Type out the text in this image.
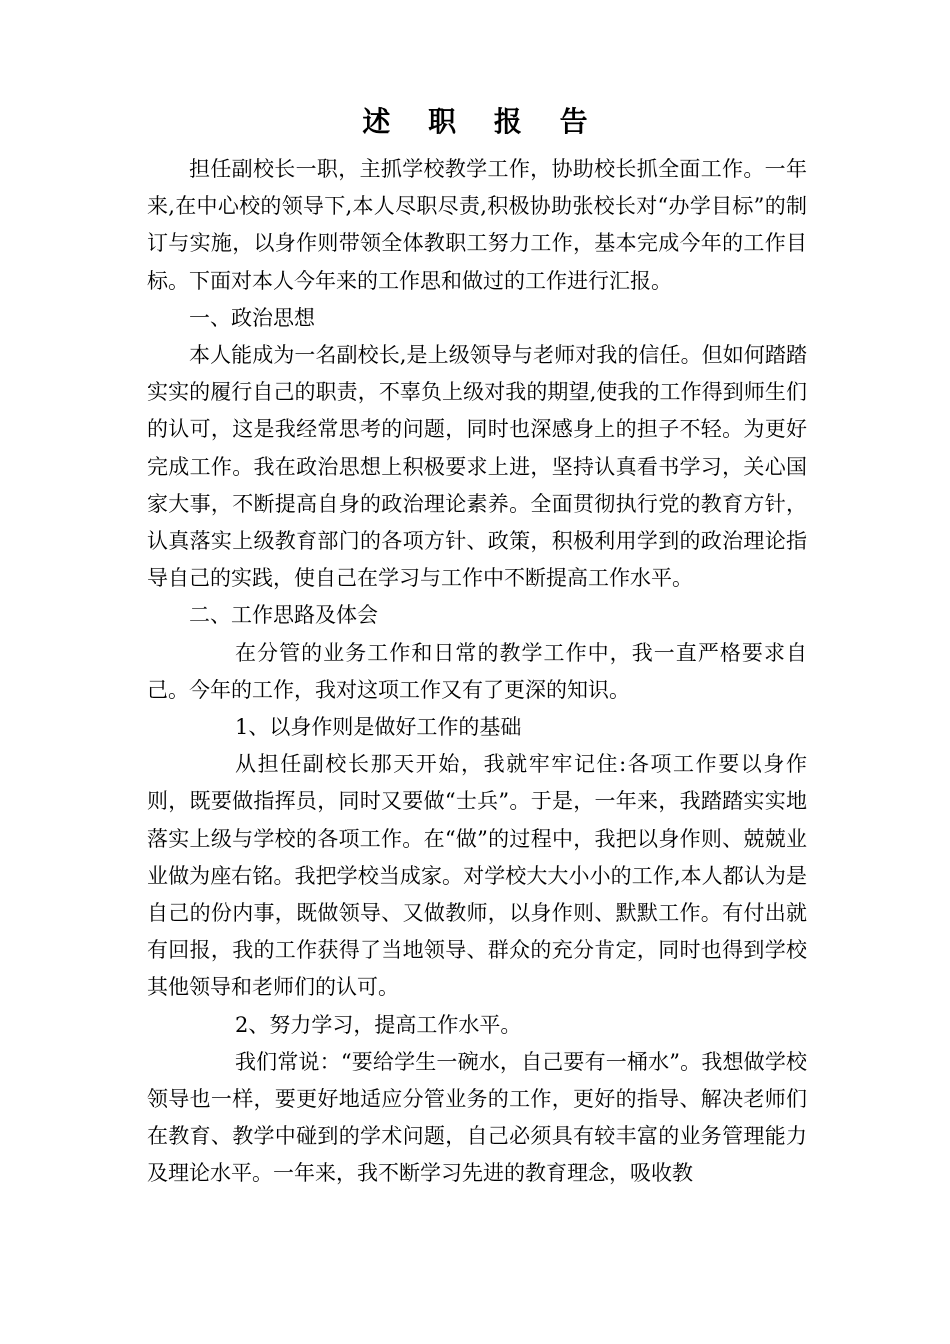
述 职 报 告

担任副校长一职，主抓学校教学工作，协助校长抓全面工作。一年来,在中心校的领导下,本人尽职尽责,积极协助张校长对“办学目标”的制订与实施，以身作则带领全体教职工努力工作，基本完成今年的工作目标。下面对本人今年来的工作思和做过的工作进行汇报。

一、政治思想

本人能成为一名副校长,是上级领导与老师对我的信任。但如何踏踏实实的履行自己的职责，不辜负上级对我的期望,使我的工作得到师生们的认可，这是我经常思考的问题，同时也深感身上的担子不轻。为更好完成工作。我在政治思想上积极要求上进，坚持认真看书学习，关心国家大事，不断提高自身的政治理论素养。全面贯彻执行党的教育方针，认真落实上级教育部门的各项方针、政策，积极利用学到的政治理论指导自己的实践，使自己在学习与工作中不断提高工作水平。

二、工作思路及体会

在分管的业务工作和日常的教学工作中，我一直严格要求自己。今年的工作，我对这项工作又有了更深的知识。

1、以身作则是做好工作的基础

从担任副校长那天开始，我就牢牢记住:各项工作要以身作则，既要做指挥员，同时又要做“士兵”。于是，一年来，我踏踏实实地落实上级与学校的各项工作。在“做”的过程中，我把以身作则、兢兢业业做为座右铭。我把学校当成家。对学校大大小小的工作,本人都认为是自己的份内事，既做领导、又做教师，以身作则、默默工作。有付出就有回报，我的工作获得了当地领导、群众的充分肯定，同时也得到学校其他领导和老师们的认可。

2、努力学习，提高工作水平。

我们常说：“要给学生一碗水，自己要有一桶水”。我想做学校领导也一样，要更好地适应分管业务的工作，更好的指导、解决老师们在教育、教学中碰到的学术问题，自己必须具有较丰富的业务管理能力及理论水平。一年来，我不断学习先进的教育理念，吸收教
